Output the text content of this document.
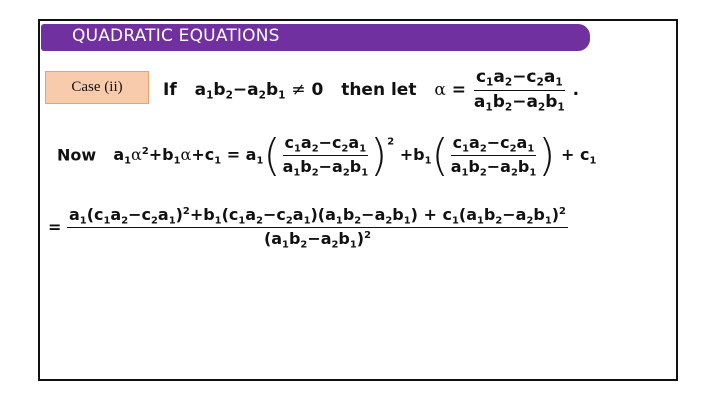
QUADRATIC EQUATIONS
Case (ii)	If $a_1b_2-a_2b_1 \ne 0$ then let $\alpha = \frac{c_1a_2-c_2a_1}{a_1b_2-a_2b_1}$ .
Now $a_1\alpha^2+b_1\alpha+c_1 = a_1( \frac{c_1a_2-c_2a_1}{a_1b_2-a_2b_1} )^2 +b_1( \frac{c_1a_2-c_2a_1}{a_1b_2-a_2b_1}$ ) + $c_1$
= $\frac{a_1(c_1a_2-c_2a_1)^2+b_1(c_1a_2-c_2a_1)(a_1b_2-a_2b_1) + c_1(a_1b_2-a_2b_1)^2}{(a_1b_2-a_2b_1)^2}$
